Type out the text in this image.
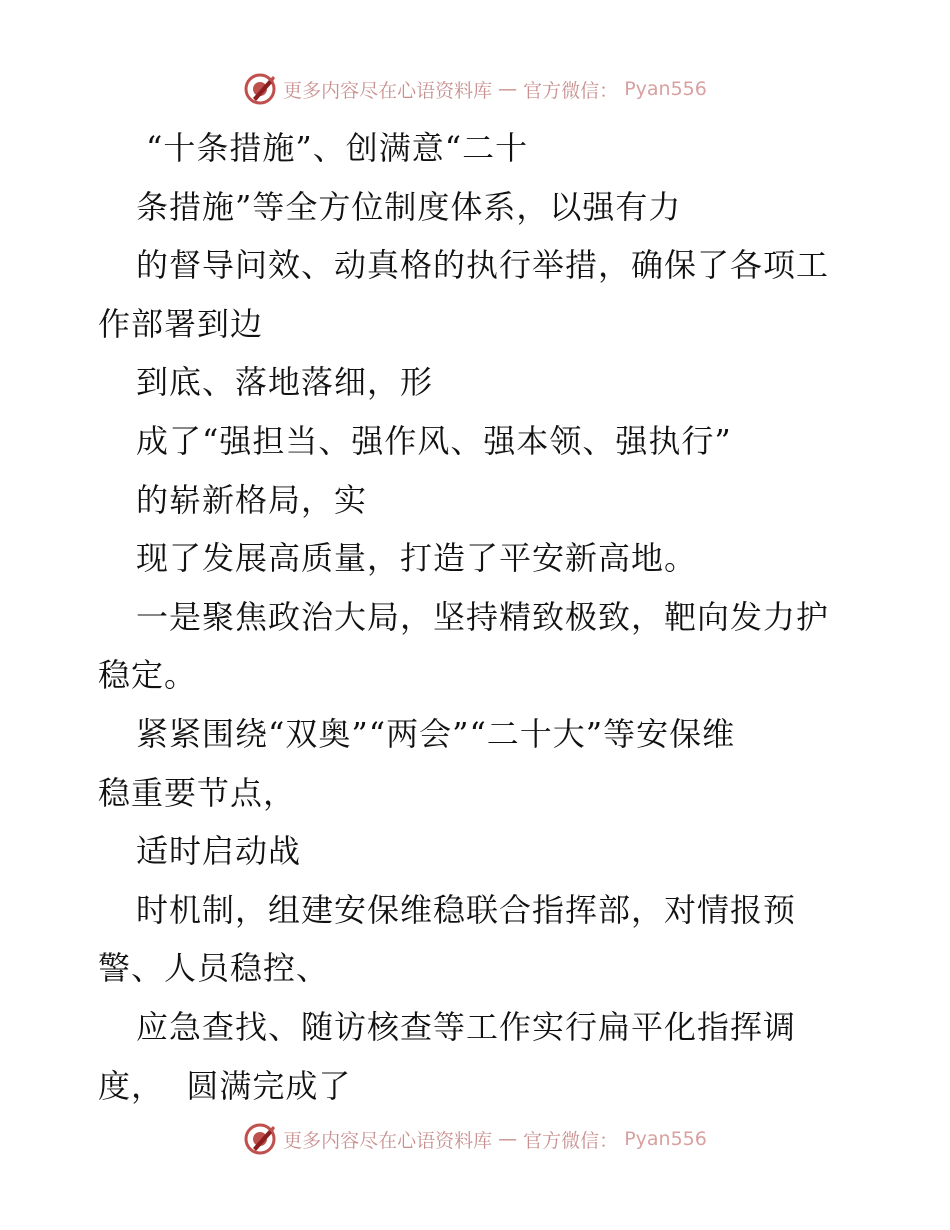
更多内容尽在心语资料库 — 官方微信： Pyan556
“十条措施”、创满意“二十
条措施”等全方位制度体系，以强有力
的督导问效、动真格的执行举措，确保了各项工
作部署到边
到底、落地落细，形
成了“强担当、强作风、强本领、强执行”
的崭新格局，实
现了发展高质量，打造了平安新高地。
一是聚焦政治大局，坚持精致极致，靶向发力护
稳定。
紧紧围绕“双奥”“两会”“二十大”等安保维
稳重要节点，
适时启动战
时机制，组建安保维稳联合指挥部，对情报预
警、人员稳控、
应急查找、随访核查等工作实行扁平化指挥调
度，  圆满完成了
更多内容尽在心语资料库 — 官方微信： Pyan556
